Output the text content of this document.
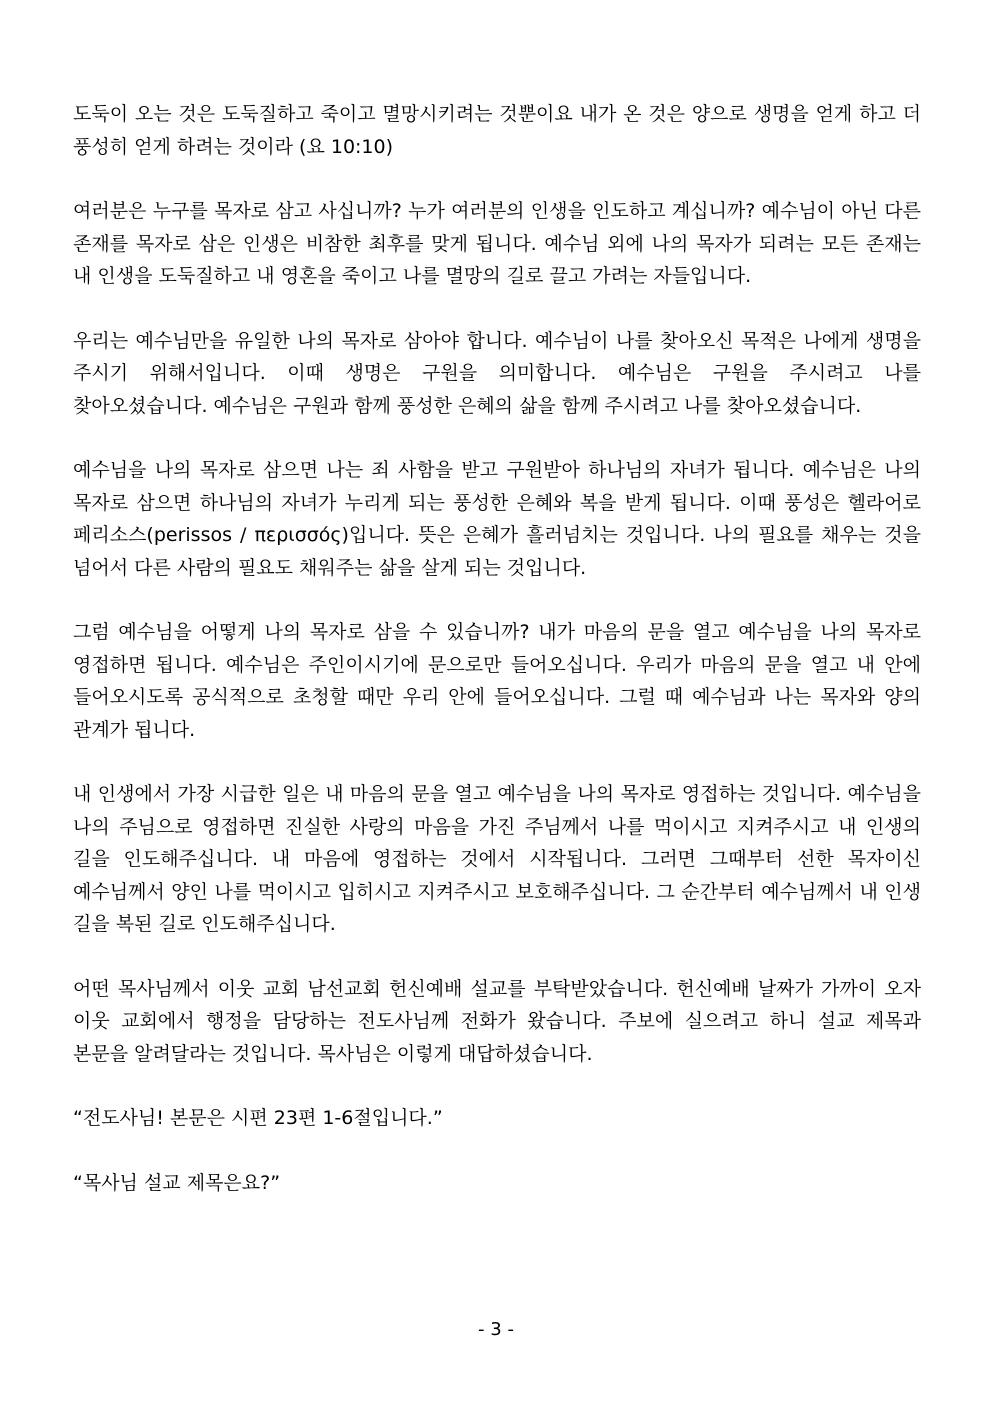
도둑이 오는 것은 도둑질하고 죽이고 멸망시키려는 것뿐이요 내가 온 것은 양으로 생명을 얻게 하고 더 풍성히 얻게 하려는 것이라 (요 10:10)

여러분은 누구를 목자로 삼고 사십니까? 누가 여러분의 인생을 인도하고 계십니까? 예수님이 아닌 다른 존재를 목자로 삼은 인생은 비참한 최후를 맞게 됩니다. 예수님 외에 나의 목자가 되려는 모든 존재는 내 인생을 도둑질하고 내 영혼을 죽이고 나를 멸망의 길로 끌고 가려는 자들입니다.

우리는 예수님만을 유일한 나의 목자로 삼아야 합니다. 예수님이 나를 찾아오신 목적은 나에게 생명을 주시기 위해서입니다. 이때 생명은 구원을 의미합니다. 예수님은 구원을 주시려고 나를 찾아오셨습니다. 예수님은 구원과 함께 풍성한 은혜의 삶을 함께 주시려고 나를 찾아오셨습니다.

예수님을 나의 목자로 삼으면 나는 죄 사함을 받고 구원받아 하나님의 자녀가 됩니다. 예수님은 나의 목자로 삼으면 하나님의 자녀가 누리게 되는 풍성한 은혜와 복을 받게 됩니다. 이때 풍성은 헬라어로 페리소스(perissos / περισσός)입니다. 뜻은 은혜가 흘러넘치는 것입니다. 나의 필요를 채우는 것을 넘어서 다른 사람의 필요도 채워주는 삶을 살게 되는 것입니다.

그럼 예수님을 어떻게 나의 목자로 삼을 수 있습니까? 내가 마음의 문을 열고 예수님을 나의 목자로 영접하면 됩니다. 예수님은 주인이시기에 문으로만 들어오십니다. 우리가 마음의 문을 열고 내 안에 들어오시도록 공식적으로 초청할 때만 우리 안에 들어오십니다. 그럴 때 예수님과 나는 목자와 양의 관계가 됩니다.

내 인생에서 가장 시급한 일은 내 마음의 문을 열고 예수님을 나의 목자로 영접하는 것입니다. 예수님을 나의 주님으로 영접하면 진실한 사랑의 마음을 가진 주님께서 나를 먹이시고 지켜주시고 내 인생의 길을 인도해주십니다. 내 마음에 영접하는 것에서 시작됩니다. 그러면 그때부터 선한 목자이신 예수님께서 양인 나를 먹이시고 입히시고 지켜주시고 보호해주십니다. 그 순간부터 예수님께서 내 인생 길을 복된 길로 인도해주십니다.

어떤 목사님께서 이웃 교회 남선교회 헌신예배 설교를 부탁받았습니다. 헌신예배 날짜가 가까이 오자 이웃 교회에서 행정을 담당하는 전도사님께 전화가 왔습니다. 주보에 실으려고 하니 설교 제목과 본문을 알려달라는 것입니다. 목사님은 이렇게 대답하셨습니다.

“전도사님! 본문은 시편 23편 1-6절입니다.”

“목사님 설교 제목은요?”

- 3 -
